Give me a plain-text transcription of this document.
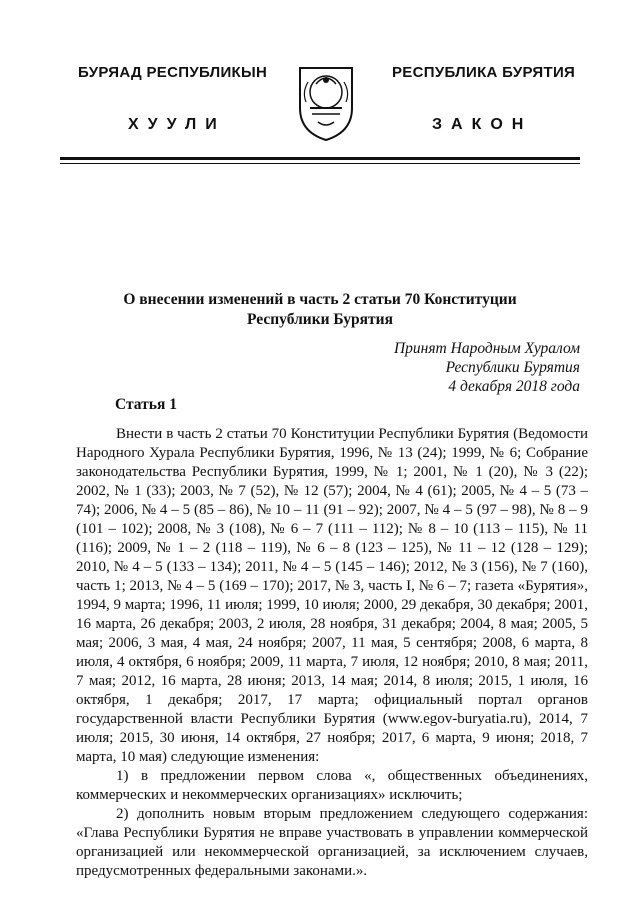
БУРЯАД РЕСПУБЛИКЫН	РЕСПУБЛИКА БУРЯТИЯ
ХУУЛИ	ЗАКОН
О внесении изменений в часть 2 статьи 70 Конституции Республики Бурятия
Принят Народным Хуралом
Республики Бурятия
4 декабря 2018 года
Статья 1

Внести в часть 2 статьи 70 Конституции Республики Бурятия (Ведомости Народного Хурала Республики Бурятия, 1996, № 13 (24); 1999, № 6; Собрание законодательства Республики Бурятия, 1999, № 1; 2001, № 1 (20), № 3 (22); 2002, № 1 (33); 2003, № 7 (52), № 12 (57); 2004, № 4 (61); 2005, № 4 – 5 (73 – 74); 2006, № 4 – 5 (85 – 86), № 10 – 11 (91 – 92); 2007, № 4 – 5 (97 – 98), № 8 – 9 (101 – 102); 2008, № 3 (108), № 6 – 7 (111 – 112); № 8 – 10 (113 – 115), № 11 (116); 2009, № 1 – 2 (118 – 119), № 6 – 8 (123 – 125), № 11 – 12 (128 – 129); 2010, № 4 – 5 (133 – 134); 2011, № 4 – 5 (145 – 146); 2012, № 3 (156), № 7 (160), часть 1; 2013, № 4 – 5 (169 – 170); 2017, № 3, часть I, № 6 – 7; газета «Бурятия», 1994, 9 марта; 1996, 11 июля; 1999, 10 июля; 2000, 29 декабря, 30 декабря; 2001, 16 марта, 26 декабря; 2003, 2 июля, 28 ноября, 31 декабря; 2004, 8 мая; 2005, 5 мая; 2006, 3 мая, 4 мая, 24 ноября; 2007, 11 мая, 5 сентября; 2008, 6 марта, 8 июля, 4 октября, 6 ноября; 2009, 11 марта, 7 июля, 12 ноября; 2010, 8 мая; 2011, 7 мая; 2012, 16 марта, 28 июня; 2013, 14 мая; 2014, 8 июля; 2015, 1 июля, 16 октября, 1 декабря; 2017, 17 марта; официальный портал органов государственной власти Республики Бурятия (www.egov-buryatia.ru), 2014, 7 июля; 2015, 30 июня, 14 октября, 27 ноября; 2017, 6 марта, 9 июня; 2018, 7 марта, 10 мая) следующие изменения:

1) в предложении первом слова «, общественных объединениях, коммерческих и некоммерческих организациях» исключить;

2) дополнить новым вторым предложением следующего содержания: «Глава Республики Бурятия не вправе участвовать в управлении коммерческой организацией или некоммерческой организацией, за исключением случаев, предусмотренных федеральными законами.».
